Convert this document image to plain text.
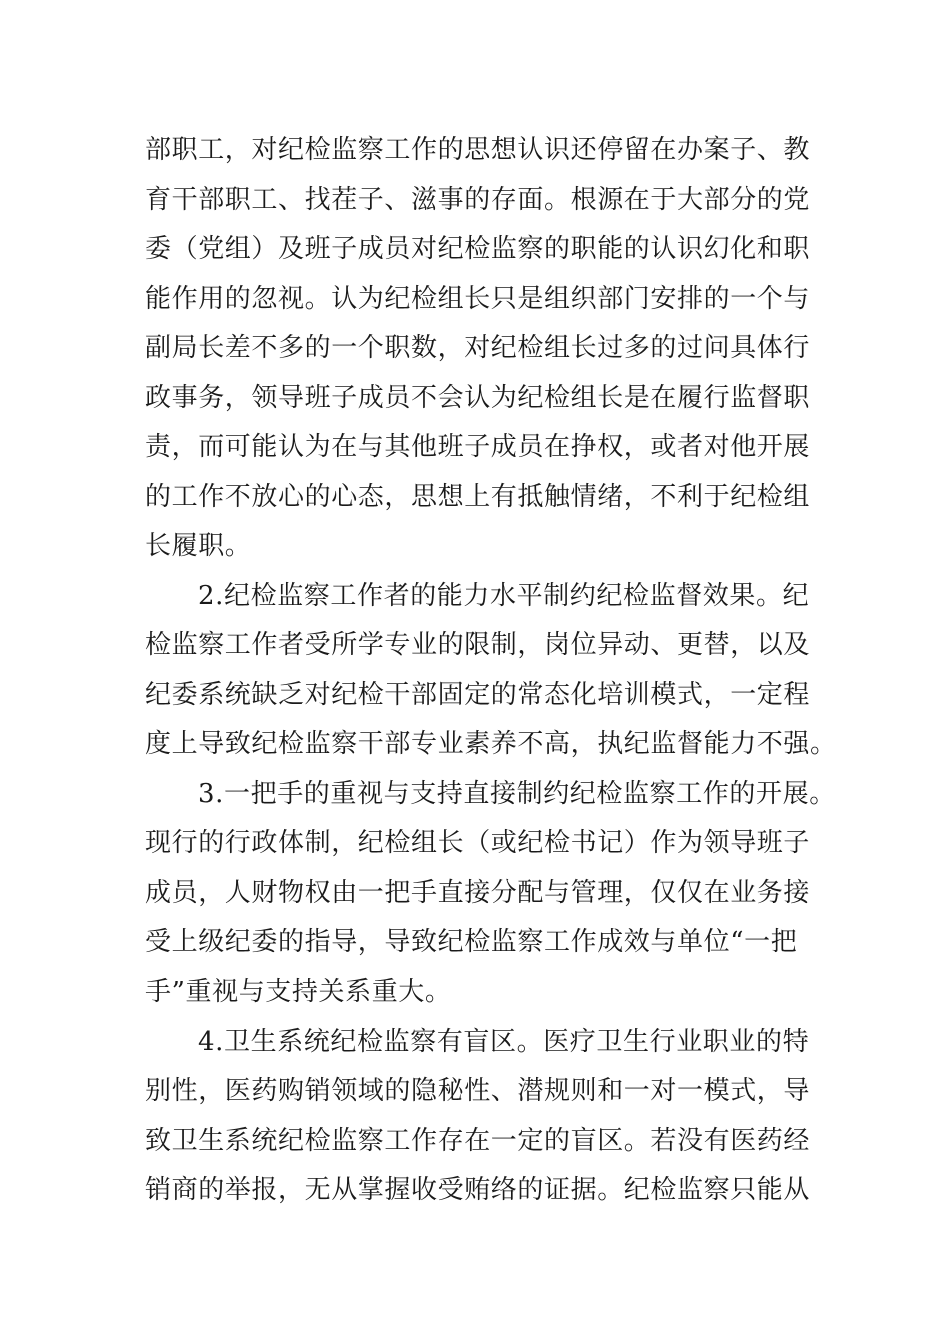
部职工，对纪检监察工作的思想认识还停留在办案子、教
育干部职工、找茬子、滋事的存面。根源在于大部分的党
委（党组）及班子成员对纪检监察的职能的认识幻化和职
能作用的忽视。认为纪检组长只是组织部门安排的一个与
副局长差不多的一个职数，对纪检组长过多的过问具体行
政事务，领导班子成员不会认为纪检组长是在履行监督职
责，而可能认为在与其他班子成员在挣权，或者对他开展
的工作不放心的心态，思想上有抵触情绪，不利于纪检组
长履职。
2.纪检监察工作者的能力水平制约纪检监督效果。纪
检监察工作者受所学专业的限制，岗位异动、更替，以及
纪委系统缺乏对纪检干部固定的常态化培训模式，一定程
度上导致纪检监察干部专业素养不高，执纪监督能力不强。
3.一把手的重视与支持直接制约纪检监察工作的开展。
现行的行政体制，纪检组长（或纪检书记）作为领导班子
成员，人财物权由一把手直接分配与管理，仅仅在业务接
受上级纪委的指导，导致纪检监察工作成效与单位“一把
手”重视与支持关系重大。
4.卫生系统纪检监察有盲区。医疗卫生行业职业的特
别性，医药购销领域的隐秘性、潜规则和一对一模式，导
致卫生系统纪检监察工作存在一定的盲区。若没有医药经
销商的举报，无从掌握收受贿络的证据。纪检监察只能从
